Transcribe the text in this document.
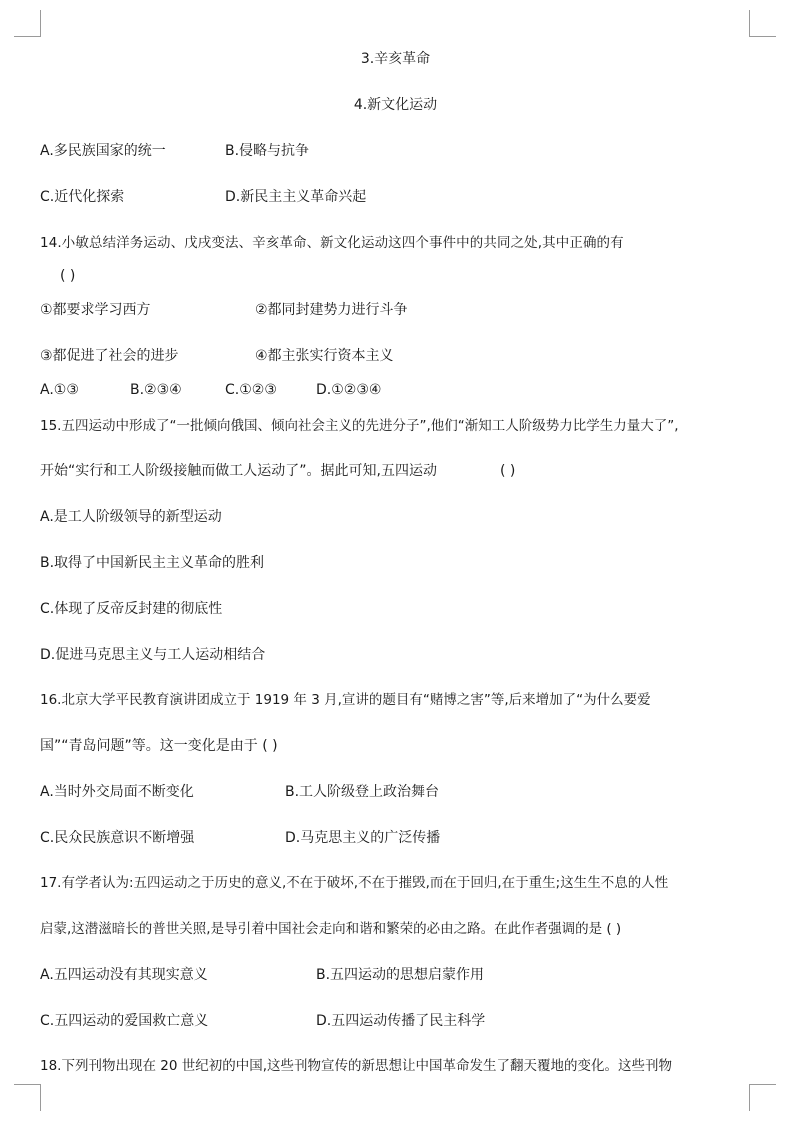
3.辛亥革命
4.新文化运动
A.多民族国家的统一	B.侵略与抗争
C.近代化探索	D.新民主主义革命兴起
14.小敏总结洋务运动、戊戌变法、辛亥革命、新文化运动这四个事件中的共同之处,其中正确的有
( )
①都要求学习西方	②都同封建势力进行斗争
③都促进了社会的进步	④都主张实行资本主义
A.①③	B.②③④	C.①②③	D.①②③④
15.五四运动中形成了“一批倾向俄国、倾向社会主义的先进分子”,他们“渐知工人阶级势力比学生力量大了”,
开始“实行和工人阶级接触而做工人运动了”。据此可知,五四运动	( )
A.是工人阶级领导的新型运动
B.取得了中国新民主主义革命的胜利
C.体现了反帝反封建的彻底性
D.促进马克思主义与工人运动相结合
16.北京大学平民教育演讲团成立于 1919 年 3 月,宣讲的题目有“赌博之害”等,后来增加了“为什么要爱
国”“青岛问题”等。这一变化是由于 ( )
A.当时外交局面不断变化	B.工人阶级登上政治舞台
C.民众民族意识不断增强	D.马克思主义的广泛传播
17.有学者认为:五四运动之于历史的意义,不在于破坏,不在于摧毁,而在于回归,在于重生;这生生不息的人性
启蒙,这潜滋暗长的普世关照,是导引着中国社会走向和谐和繁荣的必由之路。在此作者强调的是 ( )
A.五四运动没有其现实意义	B.五四运动的思想启蒙作用
C.五四运动的爱国救亡意义	D.五四运动传播了民主科学
18.下列刊物出现在 20 世纪初的中国,这些刊物宣传的新思想让中国革命发生了翻天覆地的变化。这些刊物
